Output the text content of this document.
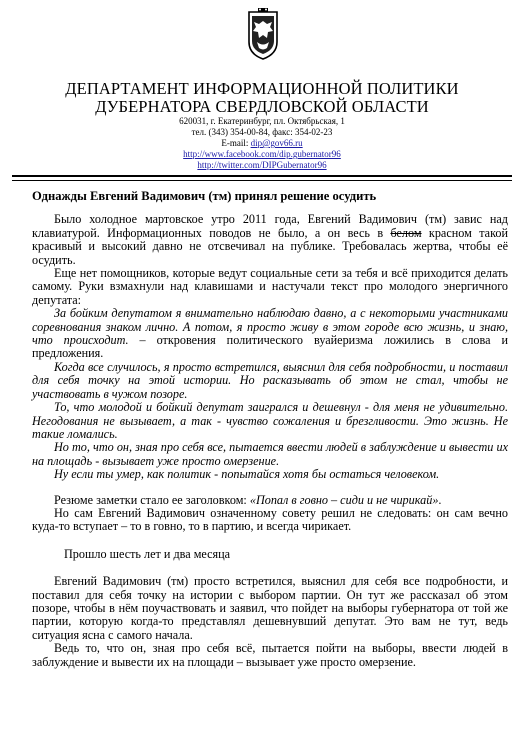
ДЕПАРТАМЕНТ ИНФОРМАЦИОННОЙ ПОЛИТИКИ
ДУБЕРНАТОРА СВЕРДЛОВСКОЙ ОБЛАСТИ
620031, г. Екатеринбург, пл. Октябрьская, 1
тел. (343) 354-00-84, факс: 354-02-23
E-mail: dip@gov66.ru
http://www.facebook.com/dip.gubernator96
http://twitter.com/DIPGubernator96
Однажды Евгений Вадимович (тм) принял решение осудить

Было холодное мартовское утро 2011 года, Евгений Вадимович (тм) завис над клавиатурой. Информационных поводов не было, а он весь в белом красном такой красивый и высокий давно не отсвечивал на публике. Требовалась жертва, чтобы её осудить.

Еще нет помощников, которые ведут социальные сети за тебя и всё приходится делать самому. Руки взмахнули над клавишами и настучали текст про молодого энергичного депутата:

За бойким депутатом я внимательно наблюдаю давно, а с некоторыми участниками соревнования знаком лично. А потом, я просто живу в этом городе всю жизнь, и знаю, что происходит. – откровения политического вуайеризма ложились в слова и предложения.

Когда все случилось, я просто встретился, выяснил для себя подробности, и поставил для себя точку на этой истории. Но расказывать об этом не стал, чтобы не участвовать в чужом позоре.

То, что молодой и бойкий депутат заигрался и дешевнул - для меня не удивительно. Негодования не вызывает, а так - чувство сожаления и брезгливости. Это жизнь. Не такие ломались.

Но то, что он, зная про себя все, пытается ввести людей в заблуждение и вывести их на площадь - вызывает уже просто омерзение.

Ну если ты умер, как политик - попытайся хотя бы остаться человеком.

Резюме заметки стало ее заголовком: «Попал в говно – сиди и не чирикай».

Но сам Евгений Вадимович означенному совету решил не следовать: он сам вечно куда-то вступает – то в говно, то в партию, и всегда чирикает.

Прошло шесть лет и два месяца

Евгений Вадимович (тм) просто встретился, выяснил для себя все подробности, и поставил для себя точку на истории с выбором партии. Он тут же рассказал об этом позоре, чтобы в нём поучаствовать и заявил, что пойдет на выборы губернатора от той же партии, которую когда-то представлял дешевнувший депутат. Это вам не тут, ведь ситуация ясна с самого начала.

Ведь то, что он, зная про себя всё, пытается пойти на выборы, ввести людей в заблуждение и вывести их на площади – вызывает уже просто омерзение.
